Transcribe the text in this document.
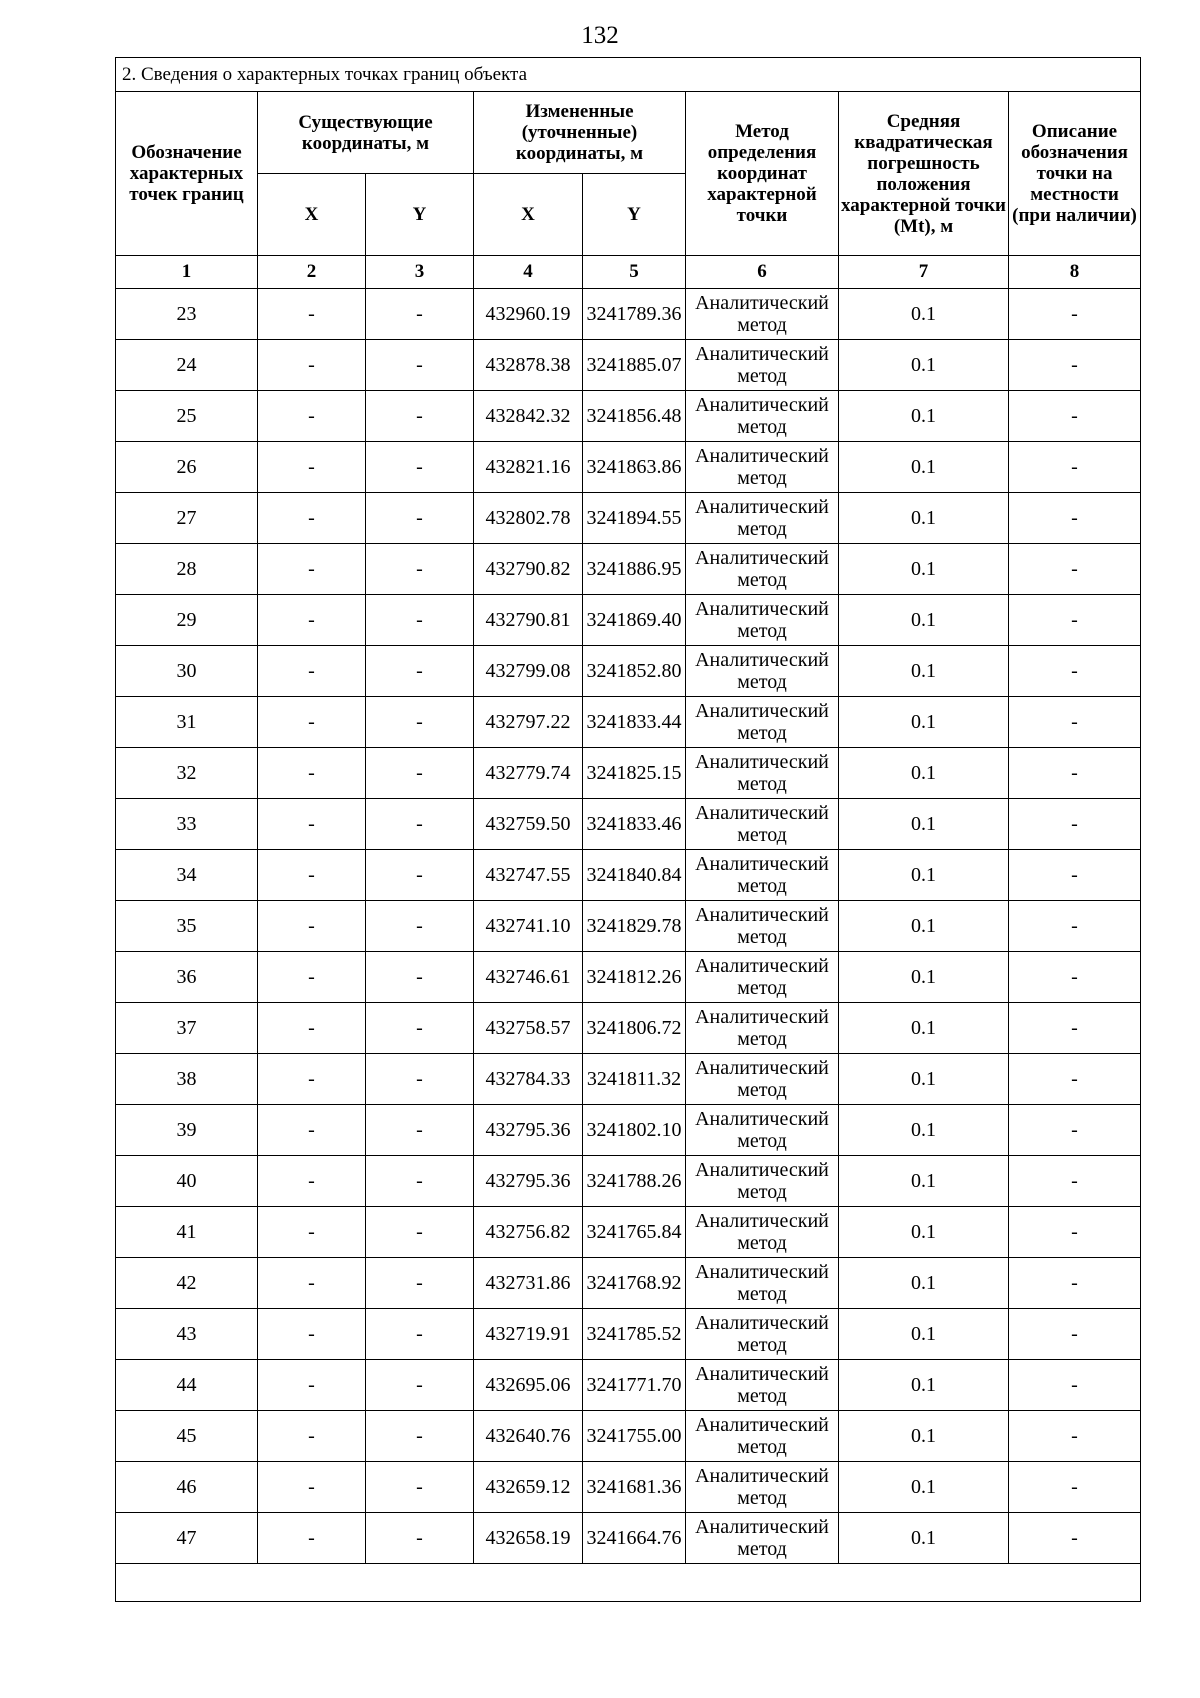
132
2. Сведения о характерных точках границ объекта							
Обозначение характерных точек границ	Существующие координаты, м		Измененные (уточненные) координаты, м		Метод определения координат характерной точки	Средняя квадратическая погрешность положения характерной точки (Mt), м	Описание обозначения точки на местности (при наличии)
	X	Y	X	Y			
1	2	3	4	5	6	7	8
23	-	-	432960.19	3241789.36	Аналитический метод	0.1	-
24	-	-	432878.38	3241885.07	Аналитический метод	0.1	-
25	-	-	432842.32	3241856.48	Аналитический метод	0.1	-
26	-	-	432821.16	3241863.86	Аналитический метод	0.1	-
27	-	-	432802.78	3241894.55	Аналитический метод	0.1	-
28	-	-	432790.82	3241886.95	Аналитический метод	0.1	-
29	-	-	432790.81	3241869.40	Аналитический метод	0.1	-
30	-	-	432799.08	3241852.80	Аналитический метод	0.1	-
31	-	-	432797.22	3241833.44	Аналитический метод	0.1	-
32	-	-	432779.74	3241825.15	Аналитический метод	0.1	-
33	-	-	432759.50	3241833.46	Аналитический метод	0.1	-
34	-	-	432747.55	3241840.84	Аналитический метод	0.1	-
35	-	-	432741.10	3241829.78	Аналитический метод	0.1	-
36	-	-	432746.61	3241812.26	Аналитический метод	0.1	-
37	-	-	432758.57	3241806.72	Аналитический метод	0.1	-
38	-	-	432784.33	3241811.32	Аналитический метод	0.1	-
39	-	-	432795.36	3241802.10	Аналитический метод	0.1	-
40	-	-	432795.36	3241788.26	Аналитический метод	0.1	-
41	-	-	432756.82	3241765.84	Аналитический метод	0.1	-
42	-	-	432731.86	3241768.92	Аналитический метод	0.1	-
43	-	-	432719.91	3241785.52	Аналитический метод	0.1	-
44	-	-	432695.06	3241771.70	Аналитический метод	0.1	-
45	-	-	432640.76	3241755.00	Аналитический метод	0.1	-
46	-	-	432659.12	3241681.36	Аналитический метод	0.1	-
47	-	-	432658.19	3241664.76	Аналитический метод	0.1	-
